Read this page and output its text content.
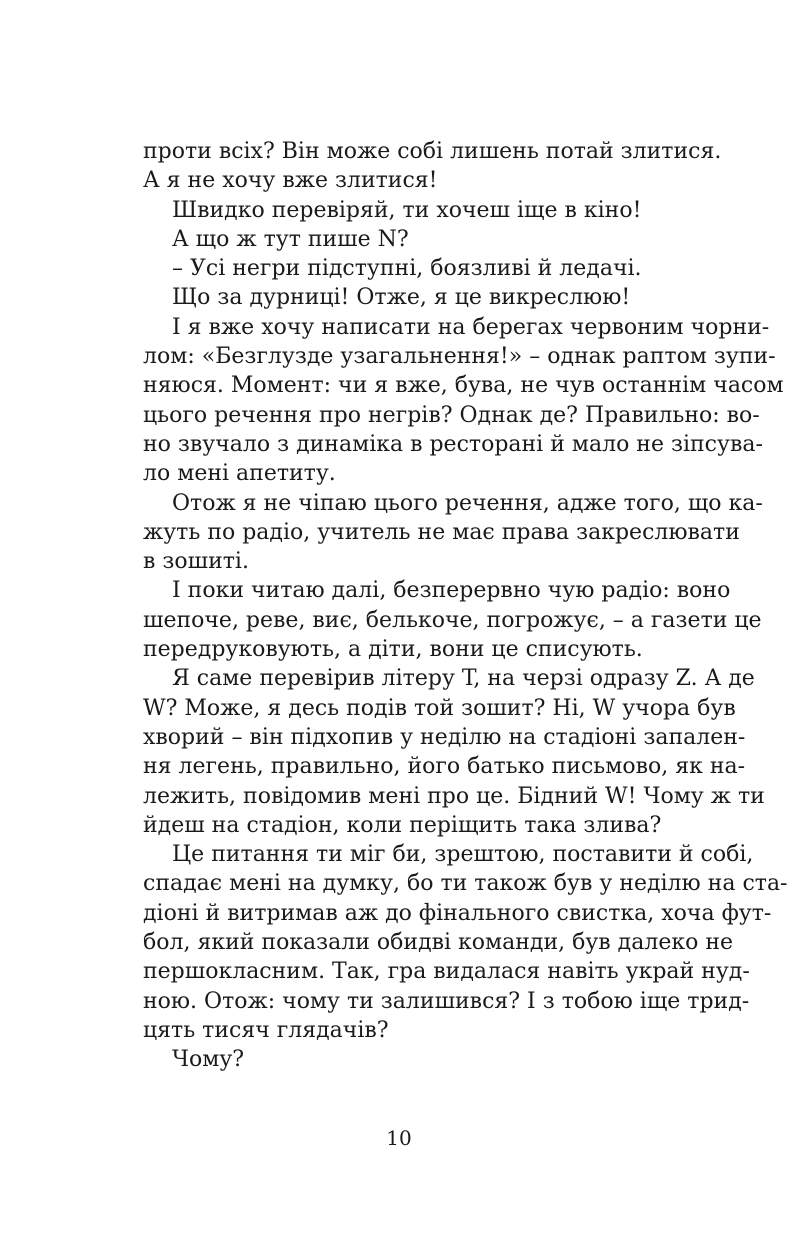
проти всіх? Він може собі лишень потай злитися.
А я не хочу вже злитися!
Швидко перевіряй, ти хочеш іще в кіно!
А що ж тут пише N?
– Усі негри підступні, боязливі й ледачі.
Що за дурниці! Отже, я це викреслюю!
І я вже хочу написати на берегах червоним чорни-
лом: «Безглузде узагальнення!» – однак раптом зупи-
няюся. Момент: чи я вже, бува, не чув останнім часом
цього речення про негрів? Однак де? Правильно: во-
но звучало з динаміка в ресторані й мало не зіпсува-
ло мені апетиту.
Отож я не чіпаю цього речення, адже того, що ка-
жуть по радіо, учитель не має права закреслювати
в зошиті.
І поки читаю далі, безперервно чую радіо: воно
шепоче, реве, виє, белькоче, погрожує, – а газети це
передруковують, а діти, вони це списують.
Я саме перевірив літеру T, на черзі одразу Z. А де
W? Може, я десь подів той зошит? Ні, W учора був
хворий – він підхопив у неділю на стадіоні запален-
ня легень, правильно, його батько письмово, як на-
лежить, повідомив мені про це. Бідний W! Чому ж ти
йдеш на стадіон, коли періщить така злива?
Це питання ти міг би, зрештою, поставити й собі,
спадає мені на думку, бо ти також був у неділю на ста-
діоні й витримав аж до фінального свистка, хоча фут-
бол, який показали обидві команди, був далеко не
першокласним. Так, гра видалася навіть украй нуд-
ною. Отож: чому ти залишився? І з тобою іще трид-
цять тисяч глядачів?
Чому?
10
